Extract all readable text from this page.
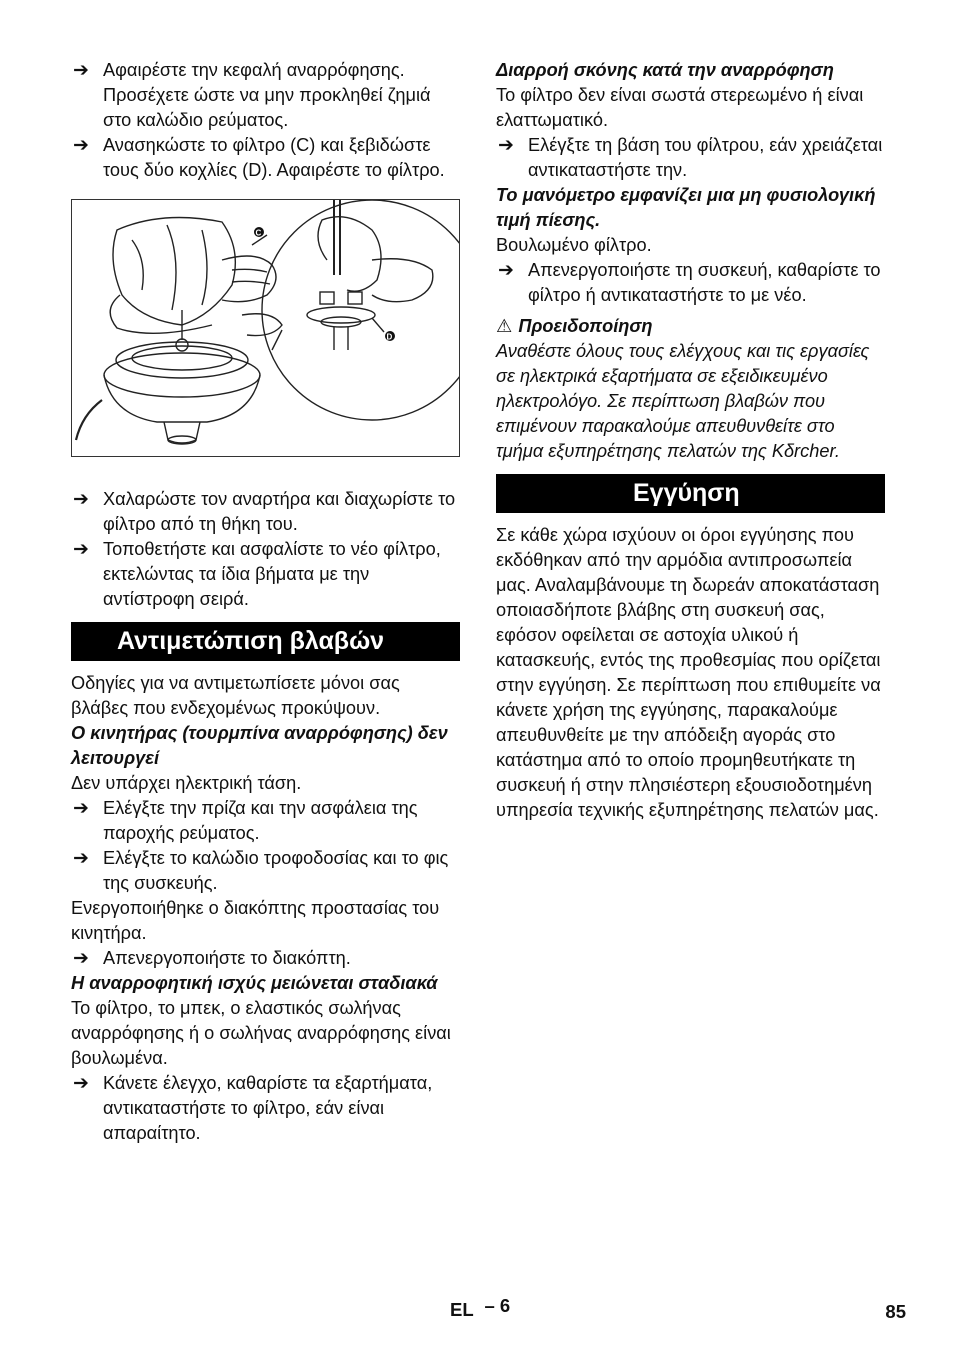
➔ Αφαιρέστε την κεφαλή αναρρόφησης. Προσέχετε ώστε να μην προκληθεί ζημιά στο καλώδιο ρεύματος.
➔ Ανασηκώστε το φίλτρο (C) και ξεβιδώστε τους δύο κοχλίες (D). Αφαιρέστε το φίλτρο.
C
D
➔ Χαλαρώστε τον αναρτήρα και διαχωρίστε το φίλτρο από τη θήκη του.
➔ Τοποθετήστε και ασφαλίστε το νέο φίλτρο, εκτελώντας τα ίδια βήματα με την αντίστροφη σειρά.
Αντιμετώπιση βλαβών

Οδηγίες για να αντιμετωπίσετε μόνοι σας βλάβες που ενδεχομένως προκύψουν.

Ο κινητήρας (τουρμπίνα αναρρόφησης) δεν λειτουργεί

Δεν υπάρχει ηλεκτρική τάση.

➔ Ελέγξτε την πρίζα και την ασφάλεια της παροχής ρεύματος.
➔ Ελέγξτε το καλώδιο τροφοδοσίας και το φις της συσκευής.

Ενεργοποιήθηκε ο διακόπτης προστασίας του κινητήρα.

➔ Απενεργοποιήστε το διακόπτη.

Η αναρροφητική ισχύς μειώνεται σταδιακά

Το φίλτρο, το μπεκ, ο ελαστικός σωλήνας αναρρόφησης ή ο σωλήνας αναρρόφησης είναι βουλωμένα.

➔ Κάνετε έλεγχο, καθαρίστε τα εξαρτήματα, αντικαταστήστε το φίλτρο, εάν είναι απαραίτητο.

Διαρροή σκόνης κατά την αναρρόφηση

Το φίλτρο δεν είναι σωστά στερεωμένο ή είναι ελαττωματικό.

➔ Ελέγξτε τη βάση του φίλτρου, εάν χρειάζεται αντικαταστήστε την.

Το μανόμετρο εμφανίζει μια μη φυσιολογική τιμή πίεσης.

Βουλωμένο φίλτρο.

➔ Απενεργοποιήστε τη συσκευή, καθαρίστε το φίλτρο ή αντικαταστήστε το με νέο.

⚠ Προειδοποίηση

Αναθέστε όλους τους ελέγχους και τις εργασίες σε ηλεκτρικά εξαρτήματα σε εξειδικευμένο ηλεκτρολόγο. Σε περίπτωση βλαβών που επιμένουν παρακαλούμε απευθυνθείτε στο τμήμα εξυπηρέτησης πελατών της Kδrcher.

Εγγύηση

Σε κάθε χώρα ισχύουν οι όροι εγγύησης που εκδόθηκαν από την αρμόδια αντιπροσωπεία μας. Αναλαμβάνουμε τη δωρεάν αποκατάσταση οποιασδήποτε βλάβης στη συσκευή σας, εφόσον οφείλεται σε αστοχία υλικού ή κατασκευής, εντός της προθεσμίας που ορίζεται στην εγγύηση. Σε περίπτωση που επιθυμείτε να κάνετε χρήση της εγγύησης, παρακαλούμε απευθυνθείτε με την απόδειξη αγοράς στο κατάστημα από το οποίο προμηθευτήκατε τη συσκευή ή στην πλησιέστερη εξουσιοδοτημένη υπηρεσία τεχνικής εξυπηρέτησης πελατών μας.

EL – 6	85
